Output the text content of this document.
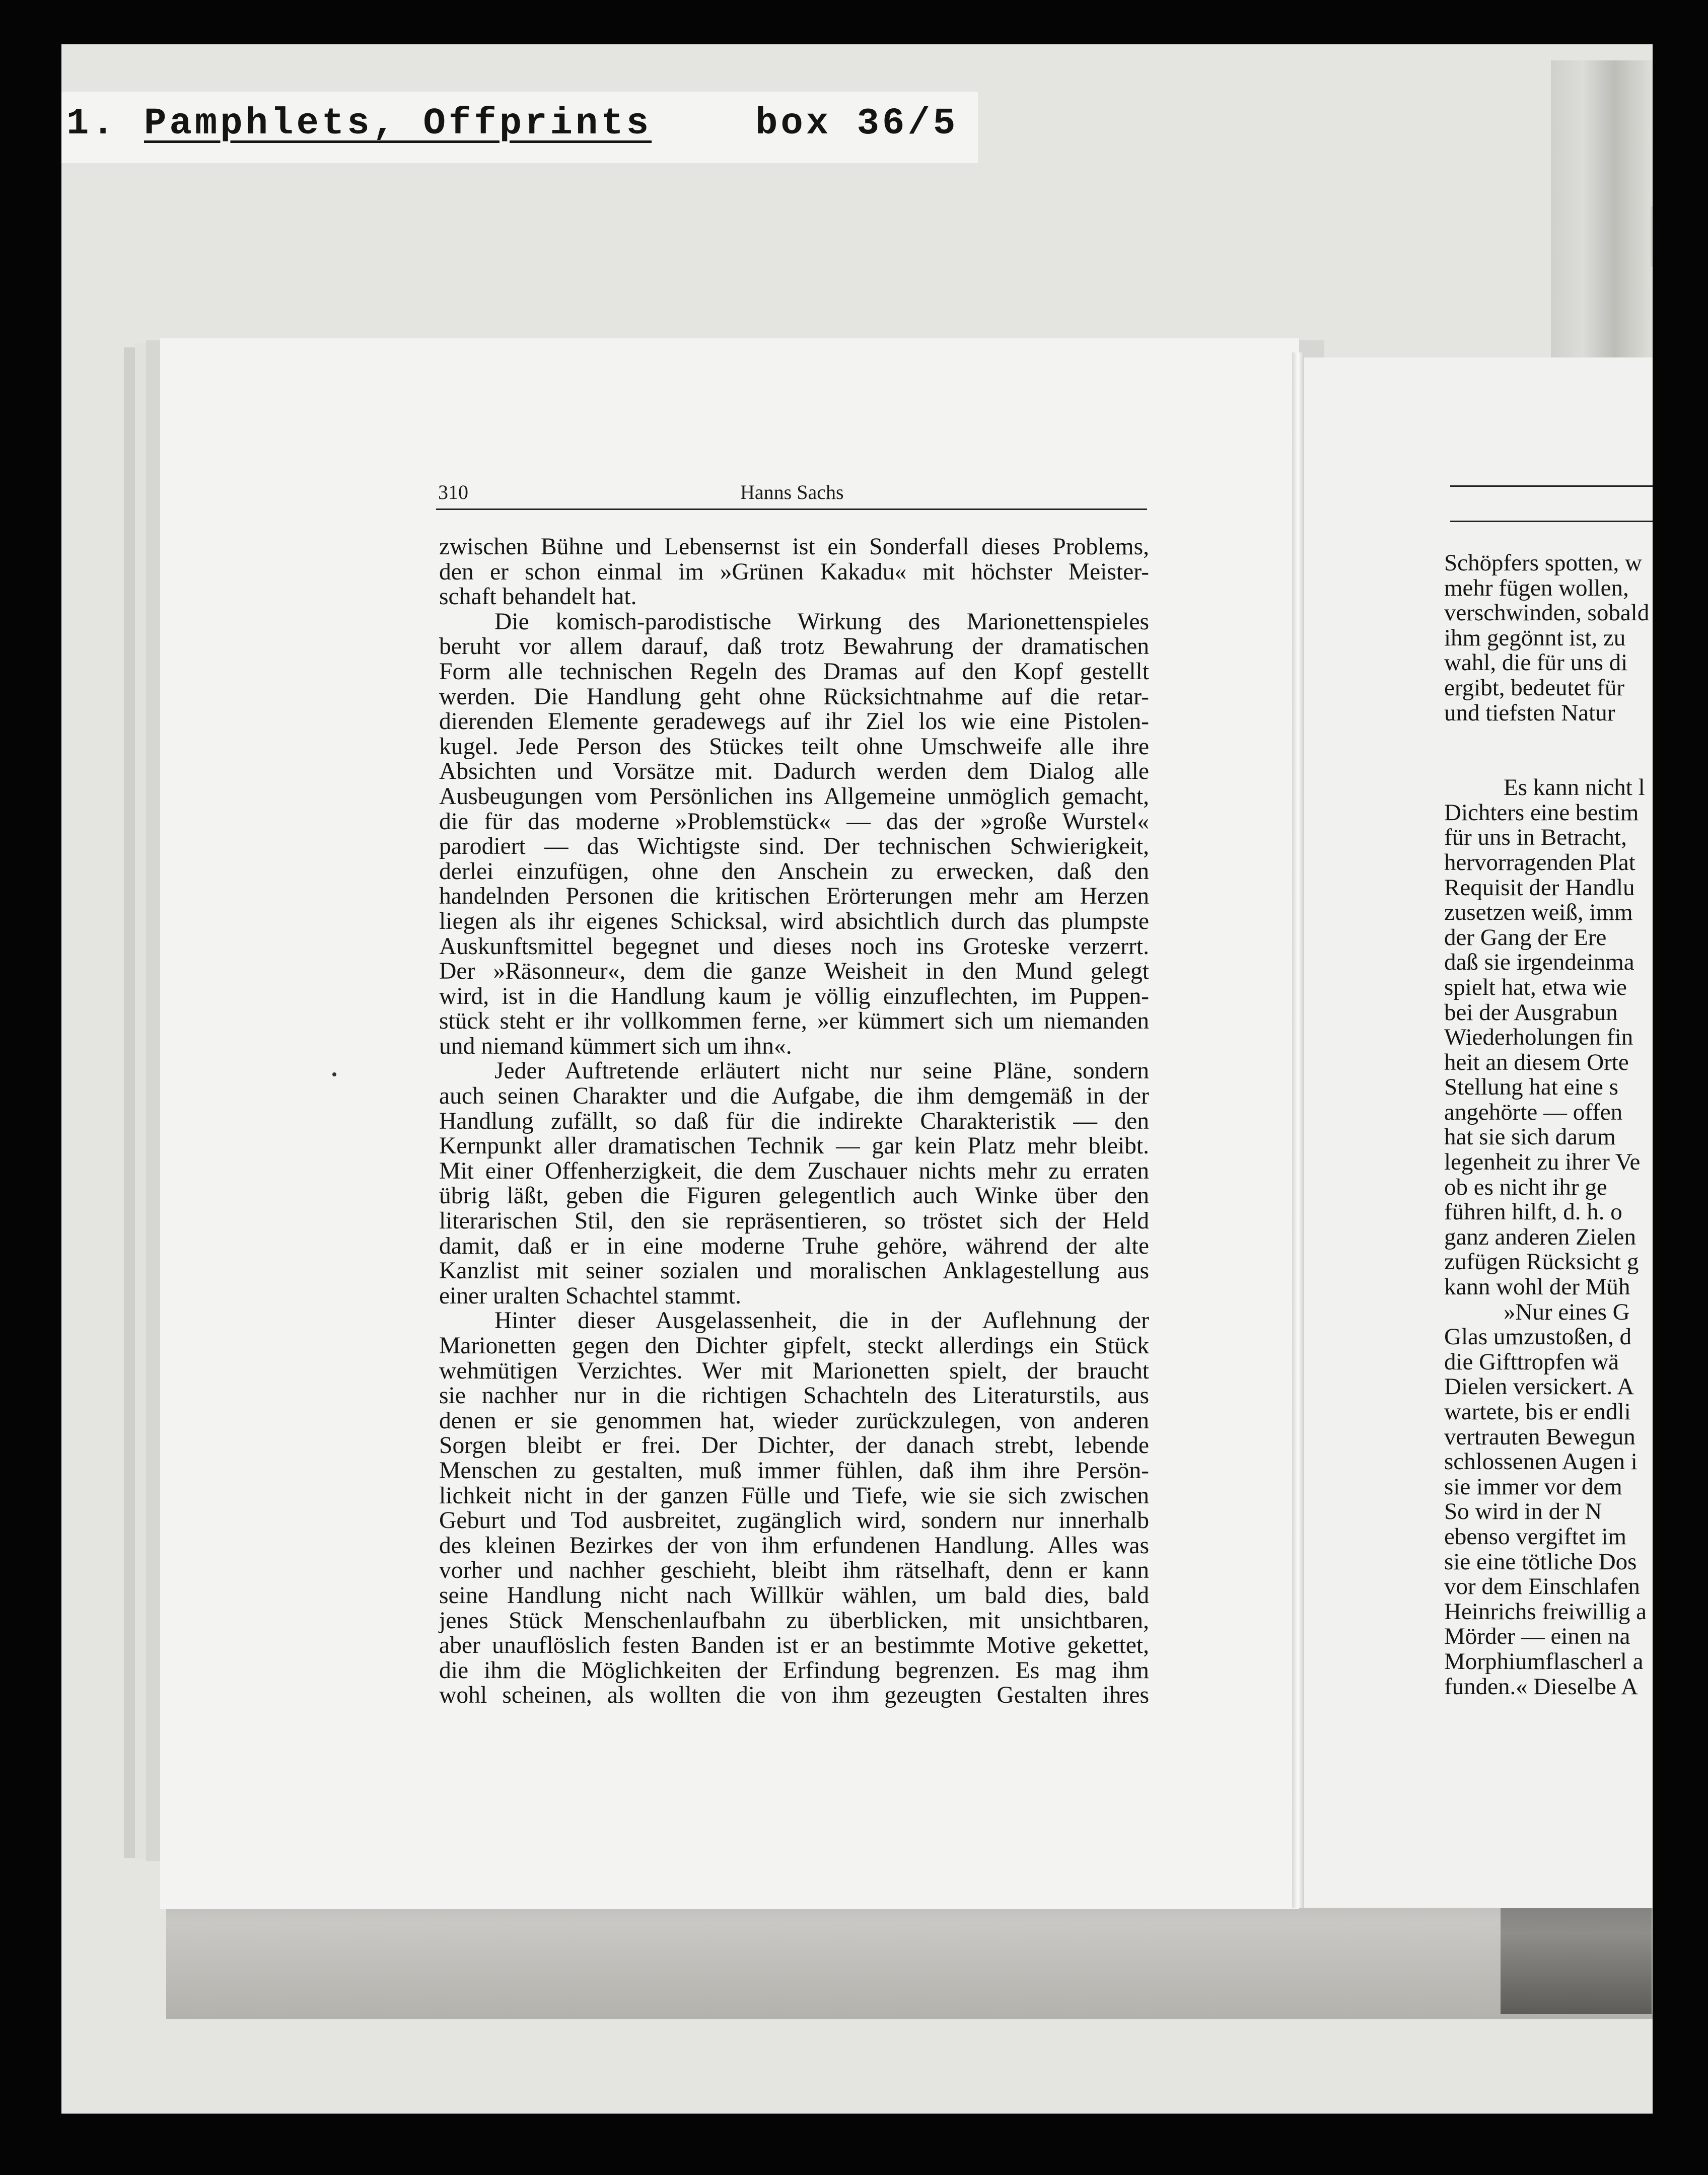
1. Pamphlets, Offprints	box 36/5
310	Hanns Sachs
zwischen Bühne und Lebensernst ist ein Sonderfall dieses Problems,
den er schon einmal im »Grünen Kakadu« mit höchster Meister-
schaft behandelt hat.
Die komisch-parodistische Wirkung des Marionettenspieles
beruht vor allem darauf, daß trotz Bewahrung der dramatischen
Form alle technischen Regeln des Dramas auf den Kopf gestellt
werden. Die Handlung geht ohne Rücksichtnahme auf die retar-
dierenden Elemente geradewegs auf ihr Ziel los wie eine Pistolen-
kugel. Jede Person des Stückes teilt ohne Umschweife alle ihre
Absichten und Vorsätze mit. Dadurch werden dem Dialog alle
Ausbeugungen vom Persönlichen ins Allgemeine unmöglich gemacht,
die für das moderne »Problemstück« — das der »große Wurstel«
parodiert — das Wichtigste sind. Der technischen Schwierigkeit,
derlei einzufügen, ohne den Anschein zu erwecken, daß den
handelnden Personen die kritischen Erörterungen mehr am Herzen
liegen als ihr eigenes Schicksal, wird absichtlich durch das plumpste
Auskunftsmittel begegnet und dieses noch ins Groteske verzerrt.
Der »Räsonneur«, dem die ganze Weisheit in den Mund gelegt
wird, ist in die Handlung kaum je völlig einzuflechten, im Puppen-
stück steht er ihr vollkommen ferne, »er kümmert sich um niemanden
und niemand kümmert sich um ihn«.
Jeder Auftretende erläutert nicht nur seine Pläne, sondern
auch seinen Charakter und die Aufgabe, die ihm demgemäß in der
Handlung zufällt, so daß für die indirekte Charakteristik — den
Kernpunkt aller dramatischen Technik — gar kein Platz mehr bleibt.
Mit einer Offenherzigkeit, die dem Zuschauer nichts mehr zu erraten
übrig läßt, geben die Figuren gelegentlich auch Winke über den
literarischen Stil, den sie repräsentieren, so tröstet sich der Held
damit, daß er in eine moderne Truhe gehöre, während der alte
Kanzlist mit seiner sozialen und moralischen Anklagestellung aus
einer uralten Schachtel stammt.
Hinter dieser Ausgelassenheit, die in der Auflehnung der
Marionetten gegen den Dichter gipfelt, steckt allerdings ein Stück
wehmütigen Verzichtes. Wer mit Marionetten spielt, der braucht
sie nachher nur in die richtigen Schachteln des Literaturstils, aus
denen er sie genommen hat, wieder zurückzulegen, von anderen
Sorgen bleibt er frei. Der Dichter, der danach strebt, lebende
Menschen zu gestalten, muß immer fühlen, daß ihm ihre Persön-
lichkeit nicht in der ganzen Fülle und Tiefe, wie sie sich zwischen
Geburt und Tod ausbreitet, zugänglich wird, sondern nur innerhalb
des kleinen Bezirkes der von ihm erfundenen Handlung. Alles was
vorher und nachher geschieht, bleibt ihm rätselhaft, denn er kann
seine Handlung nicht nach Willkür wählen, um bald dies, bald
jenes Stück Menschenlaufbahn zu überblicken, mit unsichtbaren,
aber unauflöslich festen Banden ist er an bestimmte Motive gekettet,
die ihm die Möglichkeiten der Erfindung begrenzen. Es mag ihm
wohl scheinen, als wollten die von ihm gezeugten Gestalten ihres
Schöpfers spotten, w
mehr fügen wollen,
verschwinden, sobald
ihm gegönnt ist, zu
wahl, die für uns di
ergibt, bedeutet für
und tiefsten Natur
Es kann nicht l
Dichters eine bestim
für uns in Betracht,
hervorragenden Plat
Requisit der Handlu
zusetzen weiß, imm
der Gang der Ere
daß sie irgendeinma
spielt hat, etwa wie
bei der Ausgrabun
Wiederholungen fin
heit an diesem Orte
Stellung hat eine s
angehörte — offen
hat sie sich darum
legenheit zu ihrer Ve
ob es nicht ihr ge
führen hilft, d. h. o
ganz anderen Zielen
zufügen Rücksicht g
kann wohl der Müh
»Nur eines G
Glas umzustoßen, d
die Gifttropfen wä
Dielen versickert. A
wartete, bis er endli
vertrauten Bewegun
schlossenen Augen i
sie immer vor dem
So wird in der N
ebenso vergiftet im
sie eine tötliche Dos
vor dem Einschlafen
Heinrichs freiwillig a
Mörder — einen na
Morphiumflascherl a
funden.« Dieselbe A
